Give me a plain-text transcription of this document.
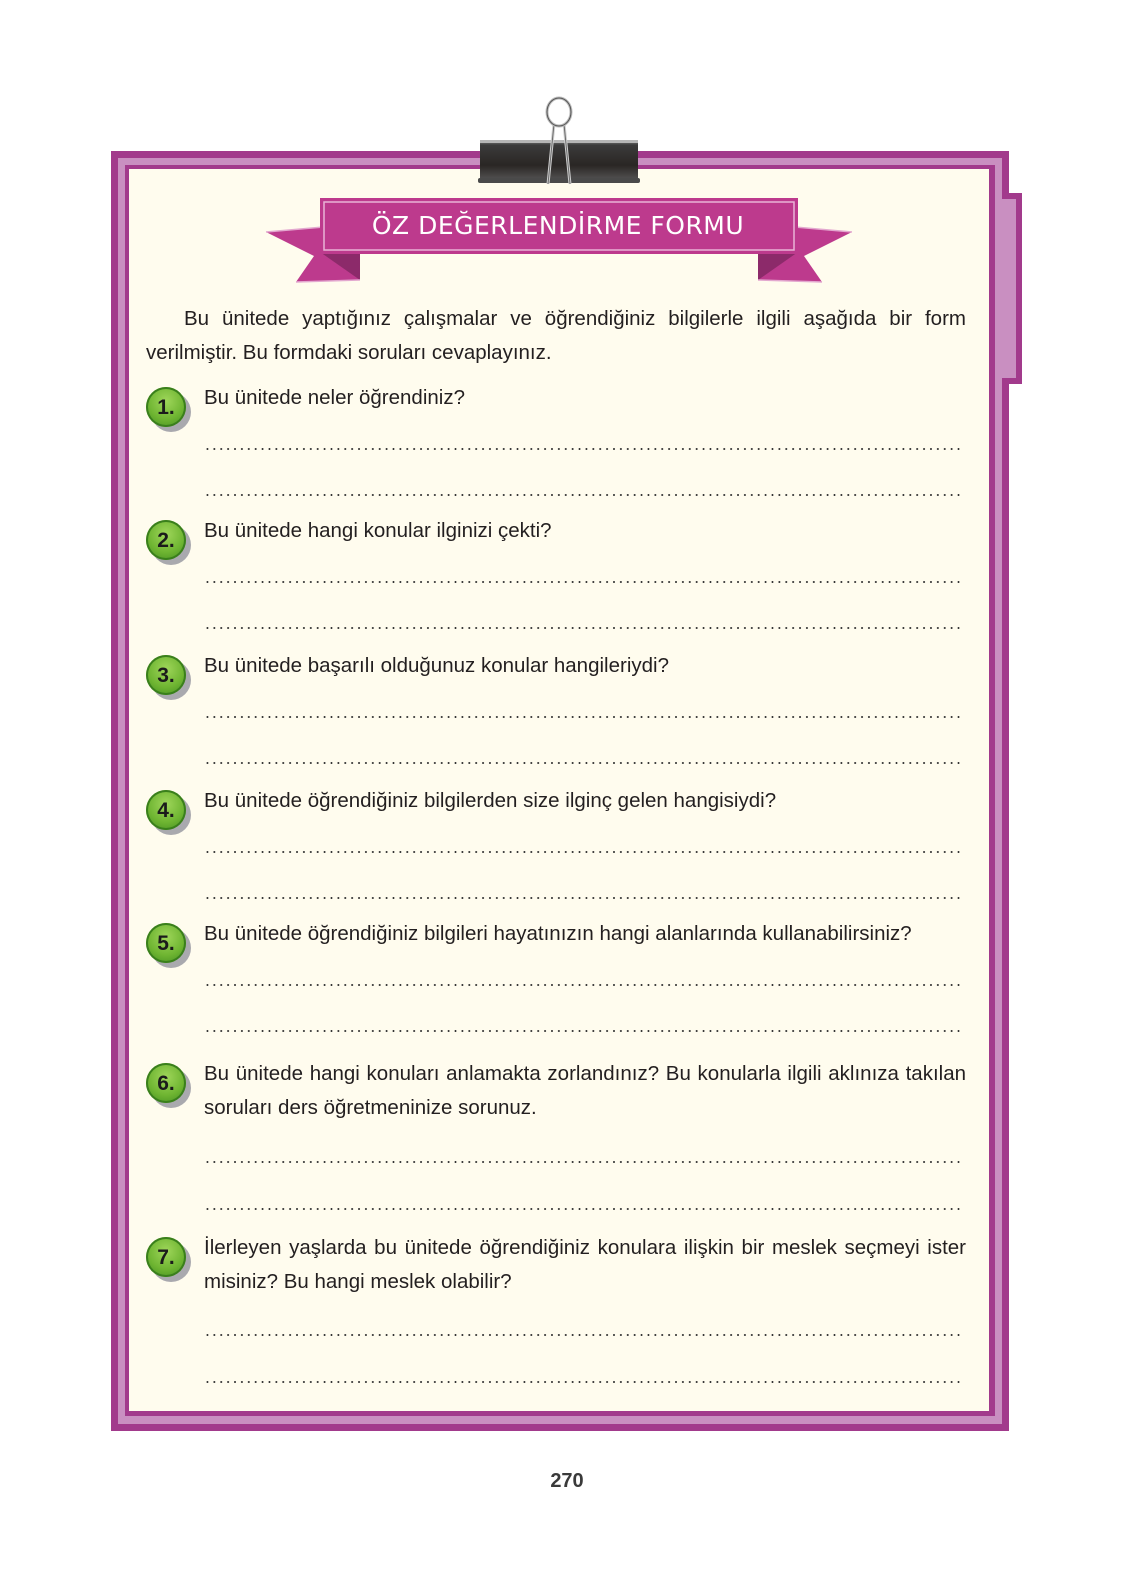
ÖZ DEĞERLENDİRME FORMU
Bu ünitede yaptığınız çalışmalar ve öğrendiğiniz bilgilerle ilgili aşağıda bir form verilmiştir. Bu formdaki soruları cevaplayınız.
1.	Bu ünitede neler öğrendiniz?
2.	Bu ünitede hangi konular ilginizi çekti?
3.	Bu ünitede başarılı olduğunuz konular hangileriydi?
4.	Bu ünitede öğrendiğiniz bilgilerden size ilginç gelen hangisiydi?
5.	Bu ünitede öğrendiğiniz bilgileri hayatınızın hangi alanlarında kullanabilirsiniz?
6.	Bu ünitede hangi konuları anlamakta zorlandınız? Bu konularla ilgili aklınıza takılan soruları ders öğretmeninize sorunuz.
7.	İlerleyen yaşlarda bu ünitede öğrendiğiniz konulara ilişkin bir meslek seçmeyi ister misiniz? Bu hangi meslek olabilir?
270
